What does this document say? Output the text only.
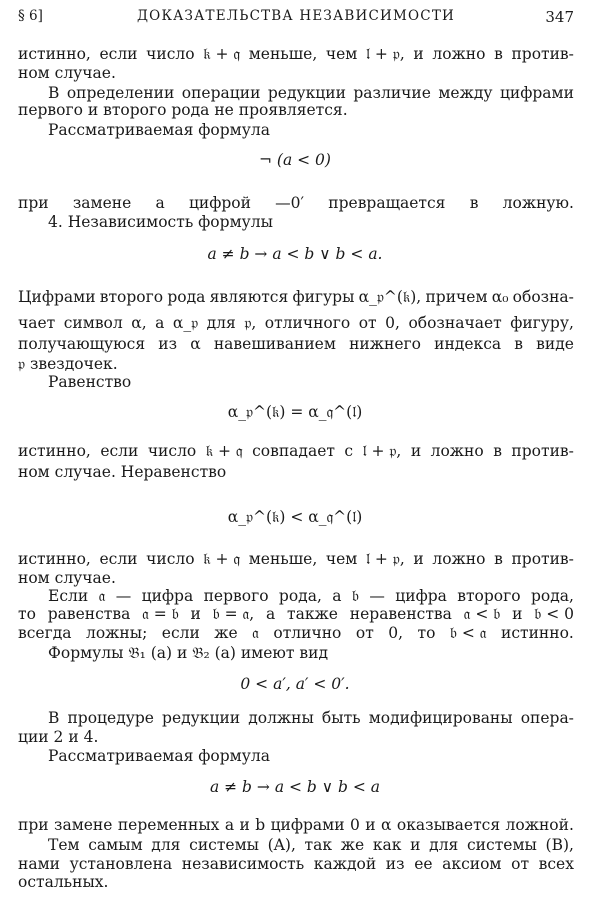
§ 6]	ДОКАЗАТЕЛЬСТВА НЕЗАВИСИМОСТИ	347
истинно, если число 𝔨 + 𝔮 меньше, чем 𝔩 + 𝔭, и ложно в против-
ном случае.
В определении операции редукции различие между цифрами
первого и второго рода не проявляется.
Рассматриваемая формула
¬ (a < 0)
при замене a цифрой —0′ превращается в ложную.
4. Независимость формулы
a ≠ b → a < b ∨ b < a.
Цифрами второго рода являются фигуры α_𝔭^(𝔨), причем α₀ обозна-
чает символ α, а α_𝔭 для 𝔭, отличного от 0, обозначает фигуру,
получающуюся из α навешиванием нижнего индекса в виде
𝔭 звездочек.
Равенство
α_𝔭^(𝔨) = α_𝔮^(𝔩)
истинно, если число 𝔨 + 𝔮 совпадает с 𝔩 + 𝔭, и ложно в против-
ном случае. Неравенство
α_𝔭^(𝔨) < α_𝔮^(𝔩)
истинно, если число 𝔨 + 𝔮 меньше, чем 𝔩 + 𝔭, и ложно в против-
ном случае.
Если 𝔞 — цифра первого рода, а 𝔟 — цифра второго рода,
то равенства 𝔞 = 𝔟 и 𝔟 = 𝔞, а также неравенства 𝔞 < 𝔟 и 𝔟 < 0
всегда ложны; если же 𝔞 отлично от 0, то 𝔟 < 𝔞 истинно.
Формулы 𝔅₁ (a) и 𝔅₂ (a) имеют вид
0 < a′, a′ < 0′.
В процедуре редукции должны быть модифицированы опера-
ции 2 и 4.
Рассматриваемая формула
a ≠ b → a < b ∨ b < a
при замене переменных a и b цифрами 0 и α оказывается ложной.
Тем самым для системы (A), так же как и для системы (B),
нами установлена независимость каждой из ее аксиом от всех
остальных.
